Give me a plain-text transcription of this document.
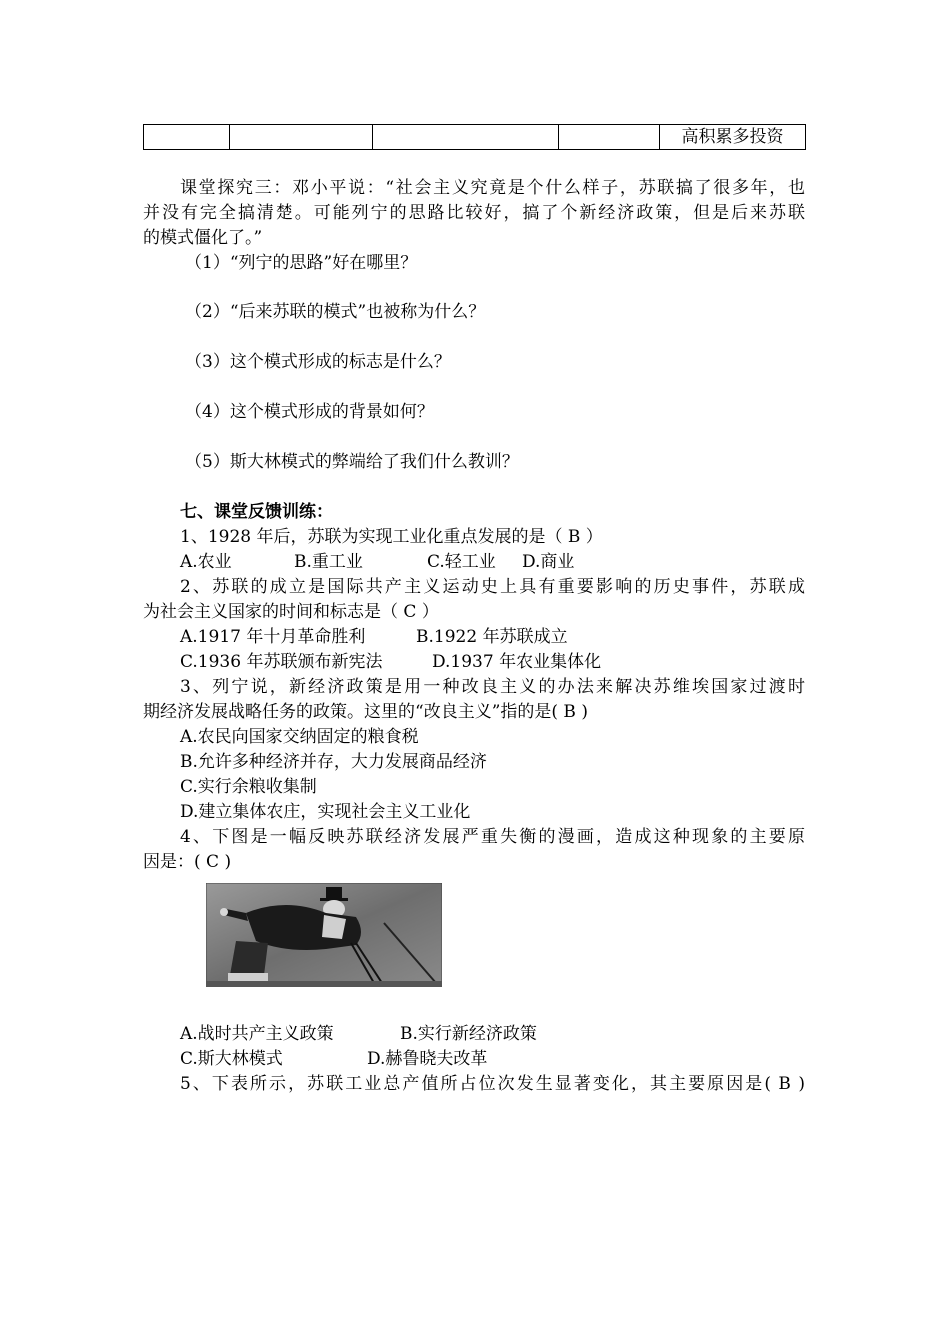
				高积累多投资
课堂探究三：邓小平说：“社会主义究竟是个什么样子，苏联搞了很多年，也
并没有完全搞清楚。可能列宁的思路比较好，搞了个新经济政策，但是后来苏联
的模式僵化了。”
（1）“列宁的思路”好在哪里？
（2）“后来苏联的模式”也被称为什么？
（3）这个模式形成的标志是什么？
（4）这个模式形成的背景如何？
（5）斯大林模式的弊端给了我们什么教训？
七、课堂反馈训练：
1、1928 年后，苏联为实现工业化重点发展的是（ B ）
A.农业	B.重工业	C.轻工业 D.商业
2、苏联的成立是国际共产主义运动史上具有重要影响的历史事件，苏联成
为社会主义国家的时间和标志是（ C ）
A.1917 年十月革命胜利	B.1922 年苏联成立
C.1936 年苏联颁布新宪法	D.1937 年农业集体化
3、列宁说，新经济政策是用一种改良主义的办法来解决苏维埃国家过渡时
期经济发展战略任务的政策。这里的“改良主义”指的是( B )
A.农民向国家交纳固定的粮食税
B.允许多种经济并存，大力发展商品经济
C.实行余粮收集制
D.建立集体农庄，实现社会主义工业化
4、下图是一幅反映苏联经济发展严重失衡的漫画，造成这种现象的主要原
因是：( C )
A.战时共产主义政策	B.实行新经济政策
C.斯大林模式	D.赫鲁晓夫改革
5、下表所示，苏联工业总产值所占位次发生显著变化，其主要原因是( B )
